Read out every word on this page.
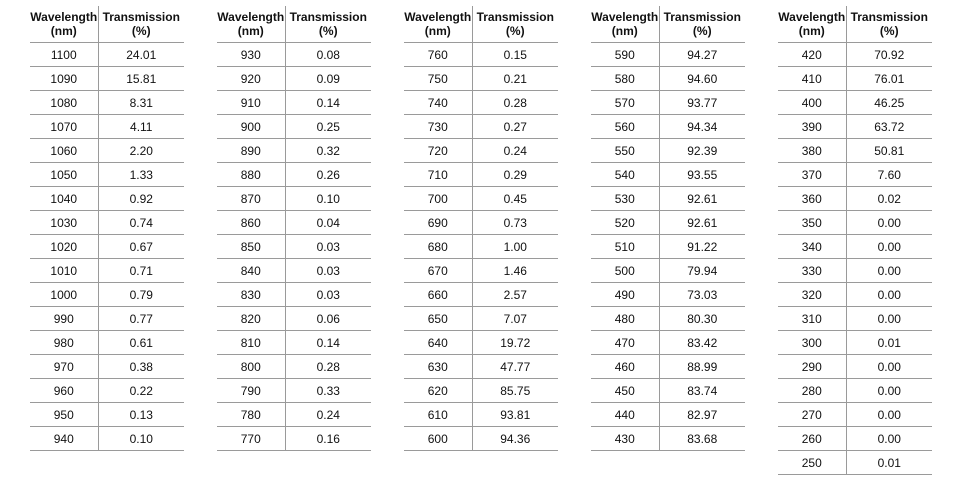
Wavelength
(nm)	Transmission
(%)

1100	24.01
1090	15.81
1080	8.31
1070	4.11
1060	2.20
1050	1.33
1040	0.92
1030	0.74
1020	0.67
1010	0.71
1000	0.79
990	0.77
980	0.61
970	0.38
960	0.22
950	0.13
940	0.10
Wavelength
(nm)	Transmission
(%)

930	0.08
920	0.09
910	0.14
900	0.25
890	0.32
880	0.26
870	0.10
860	0.04
850	0.03
840	0.03
830	0.03
820	0.06
810	0.14
800	0.28
790	0.33
780	0.24
770	0.16
Wavelength
(nm)	Transmission
(%)

760	0.15
750	0.21
740	0.28
730	0.27
720	0.24
710	0.29
700	0.45
690	0.73
680	1.00
670	1.46
660	2.57
650	7.07
640	19.72
630	47.77
620	85.75
610	93.81
600	94.36
Wavelength
(nm)	Transmission
(%)

590	94.27
580	94.60
570	93.77
560	94.34
550	92.39
540	93.55
530	92.61
520	92.61
510	91.22
500	79.94
490	73.03
480	80.30
470	83.42
460	88.99
450	83.74
440	82.97
430	83.68
Wavelength
(nm)	Transmission
(%)

420	70.92
410	76.01
400	46.25
390	63.72
380	50.81
370	7.60
360	0.02
350	0.00
340	0.00
330	0.00
320	0.00
310	0.00
300	0.01
290	0.00
280	0.00
270	0.00
260	0.00
250	0.01
